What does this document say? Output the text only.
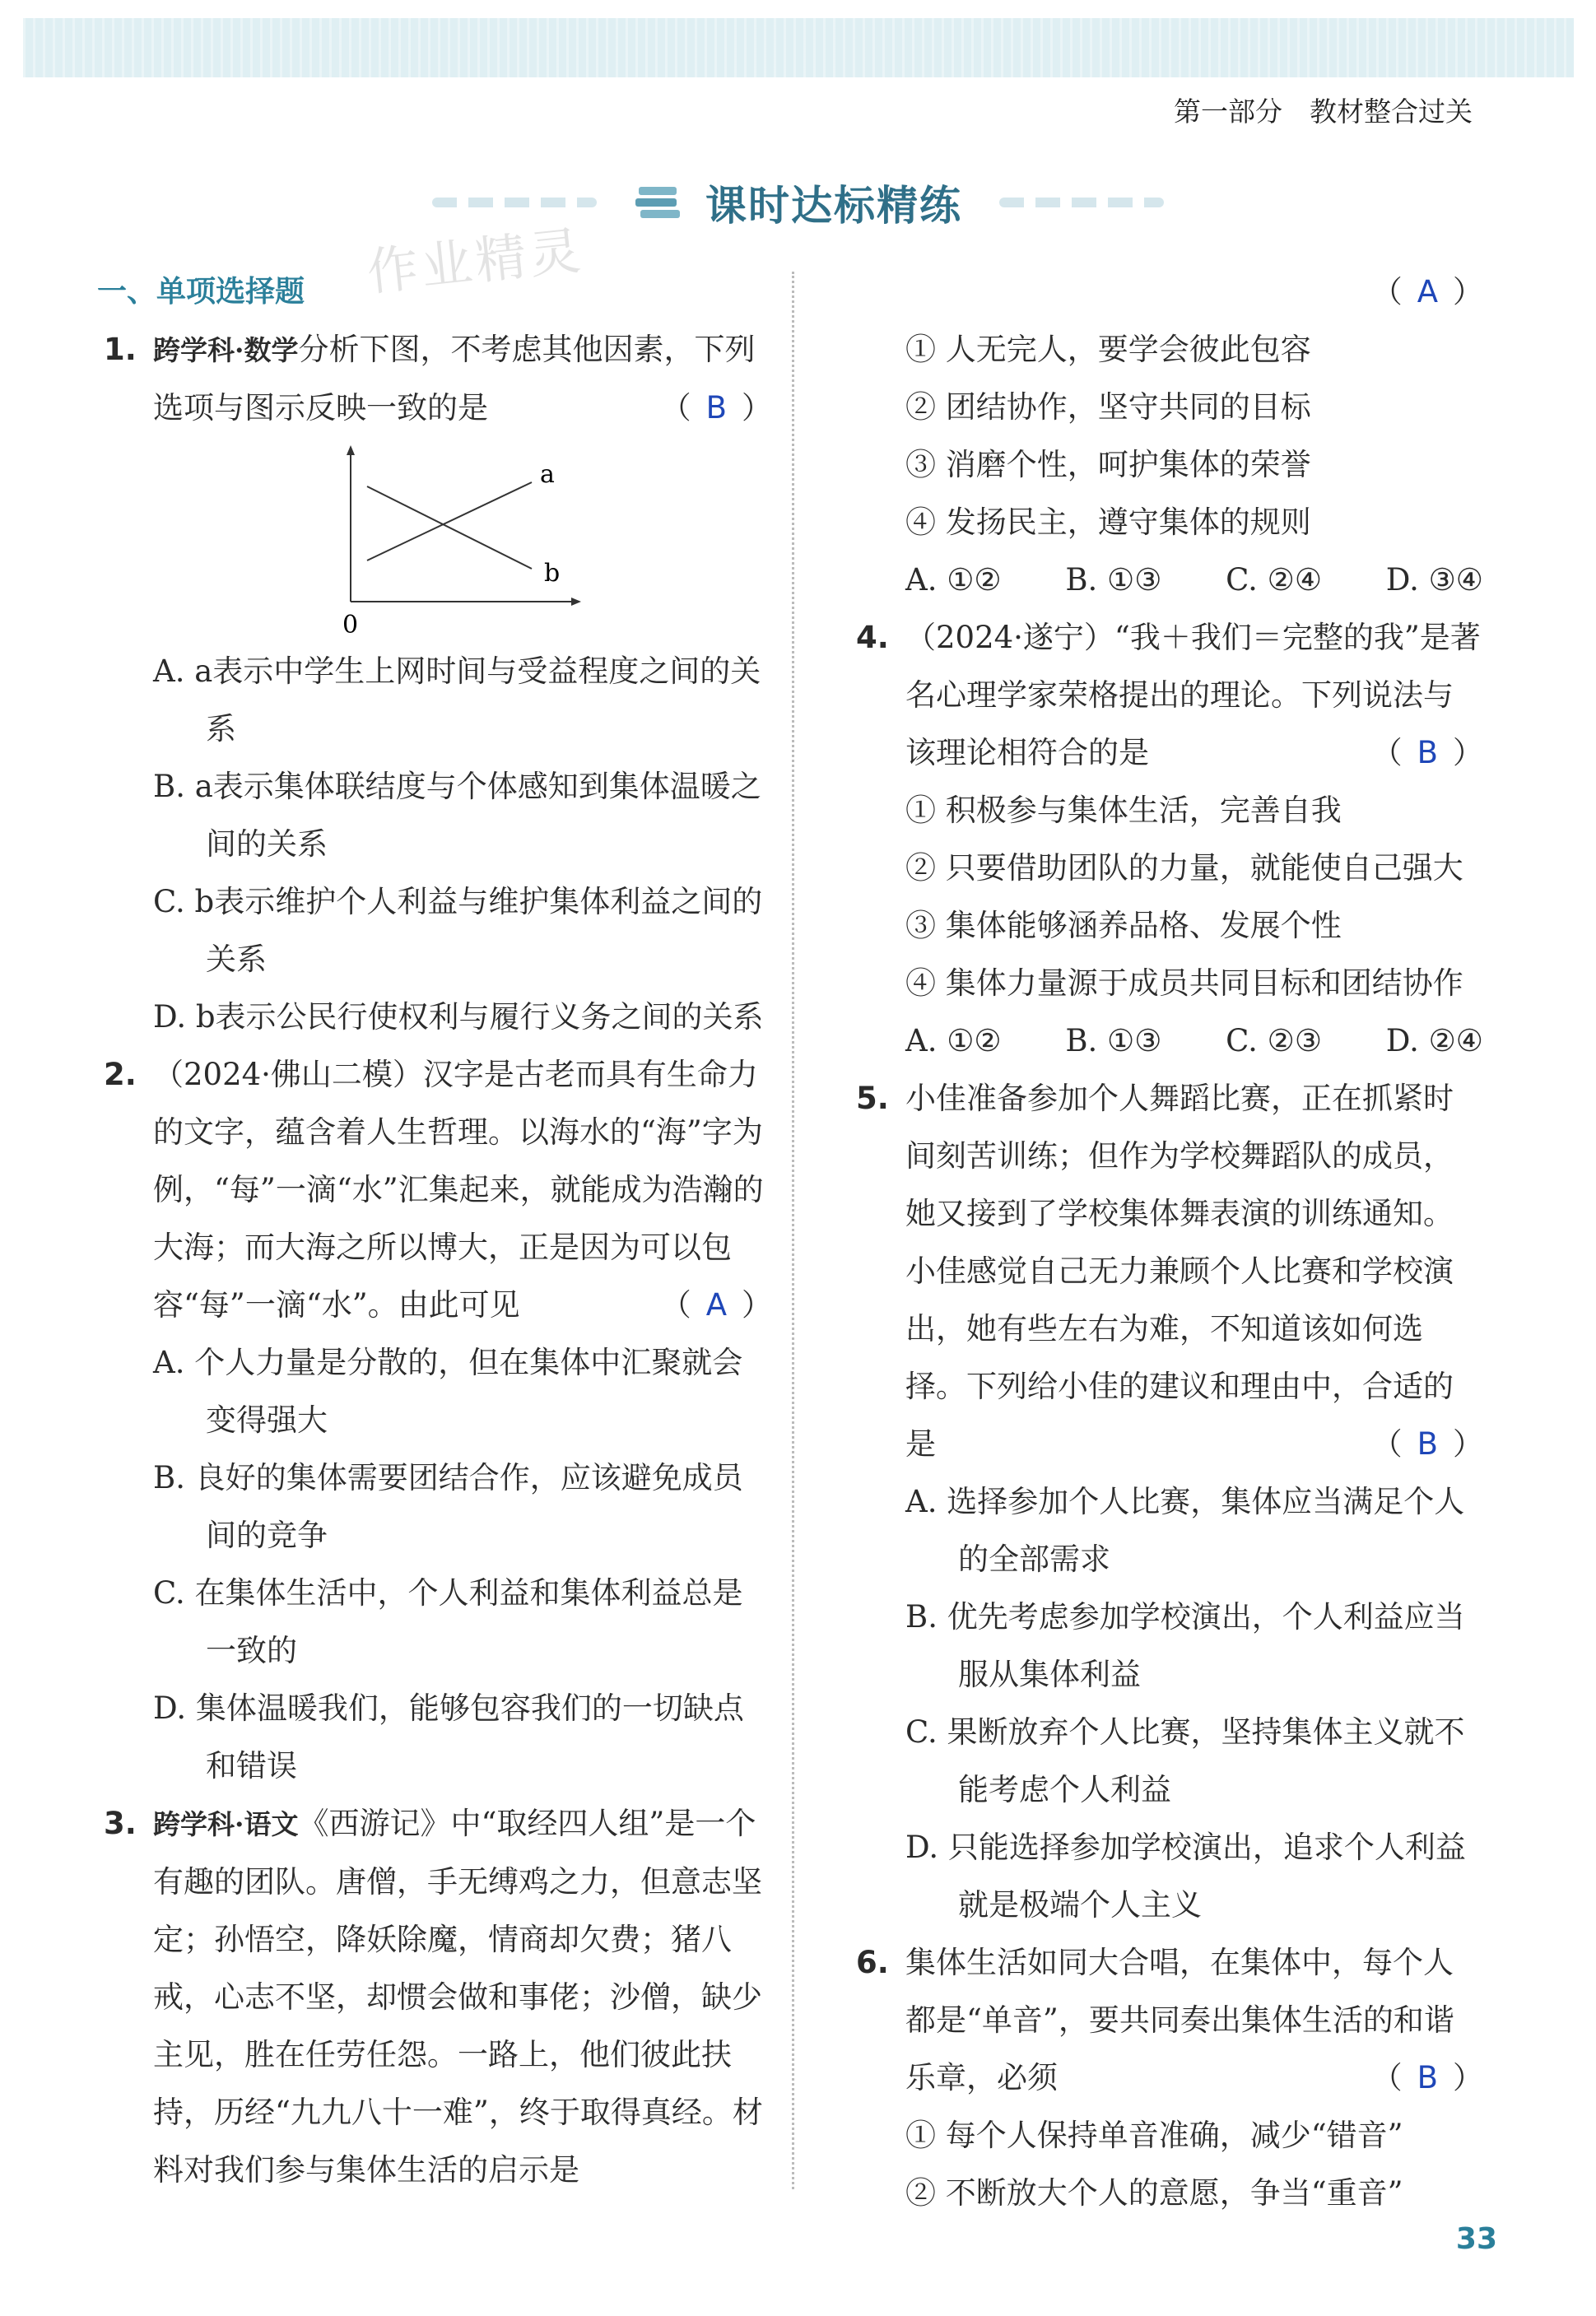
第一部分　教材整合过关
课时达标精练
作业精灵
一、单项选择题
1. 跨学科·数学分析下图，不考虑其他因素，下列选项与图示反映一致的是	（ B ）
a
b
0
A. a表示中学生上网时间与受益程度之间的关系
B. a表示集体联结度与个体感知到集体温暖之间的关系
C. b表示维护个人利益与维护集体利益之间的关系
D. b表示公民行使权利与履行义务之间的关系
2. （2024·佛山二模）汉字是古老而具有生命力的文字，蕴含着人生哲理。以海水的“海”字为例，“每”一滴“水”汇集起来，就能成为浩瀚的大海；而大海之所以博大，正是因为可以包容“每”一滴“水”。由此可见	（ A ）
A. 个人力量是分散的，但在集体中汇聚就会变得强大
B. 良好的集体需要团结合作，应该避免成员间的竞争
C. 在集体生活中，个人利益和集体利益总是一致的
D. 集体温暖我们，能够包容我们的一切缺点和错误
3. 跨学科·语文《西游记》中“取经四人组”是一个有趣的团队。唐僧，手无缚鸡之力，但意志坚定；孙悟空，降妖除魔，情商却欠费；猪八戒，心志不坚，却惯会做和事佬；沙僧，缺少主见，胜在任劳任怨。一路上，他们彼此扶持，历经“九九八十一难”，终于取得真经。材料对我们参与集体生活的启示是
（ A ）
① 人无完人，要学会彼此包容
② 团结协作，坚守共同的目标
③ 消磨个性，呵护集体的荣誉
④ 发扬民主，遵守集体的规则
A. ①② B. ①③ C. ②④ D. ③④
4. （2024·遂宁）“我＋我们＝完整的我”是著名心理学家荣格提出的理论。下列说法与该理论相符合的是	（ B ）
① 积极参与集体生活，完善自我
② 只要借助团队的力量，就能使自己强大
③ 集体能够涵养品格、发展个性
④ 集体力量源于成员共同目标和团结协作
A. ①② B. ①③ C. ②③ D. ②④
5. 小佳准备参加个人舞蹈比赛，正在抓紧时间刻苦训练；但作为学校舞蹈队的成员，她又接到了学校集体舞表演的训练通知。小佳感觉自己无力兼顾个人比赛和学校演出，她有些左右为难，不知道该如何选择。下列给小佳的建议和理由中，合适的是	（ B ）
A. 选择参加个人比赛，集体应当满足个人的全部需求
B. 优先考虑参加学校演出，个人利益应当服从集体利益
C. 果断放弃个人比赛，坚持集体主义就不能考虑个人利益
D. 只能选择参加学校演出，追求个人利益就是极端个人主义
6. 集体生活如同大合唱，在集体中，每个人都是“单音”，要共同奏出集体生活的和谐乐章，必须	（ B ）
① 每个人保持单音准确，减少“错音”
② 不断放大个人的意愿，争当“重音”
33
